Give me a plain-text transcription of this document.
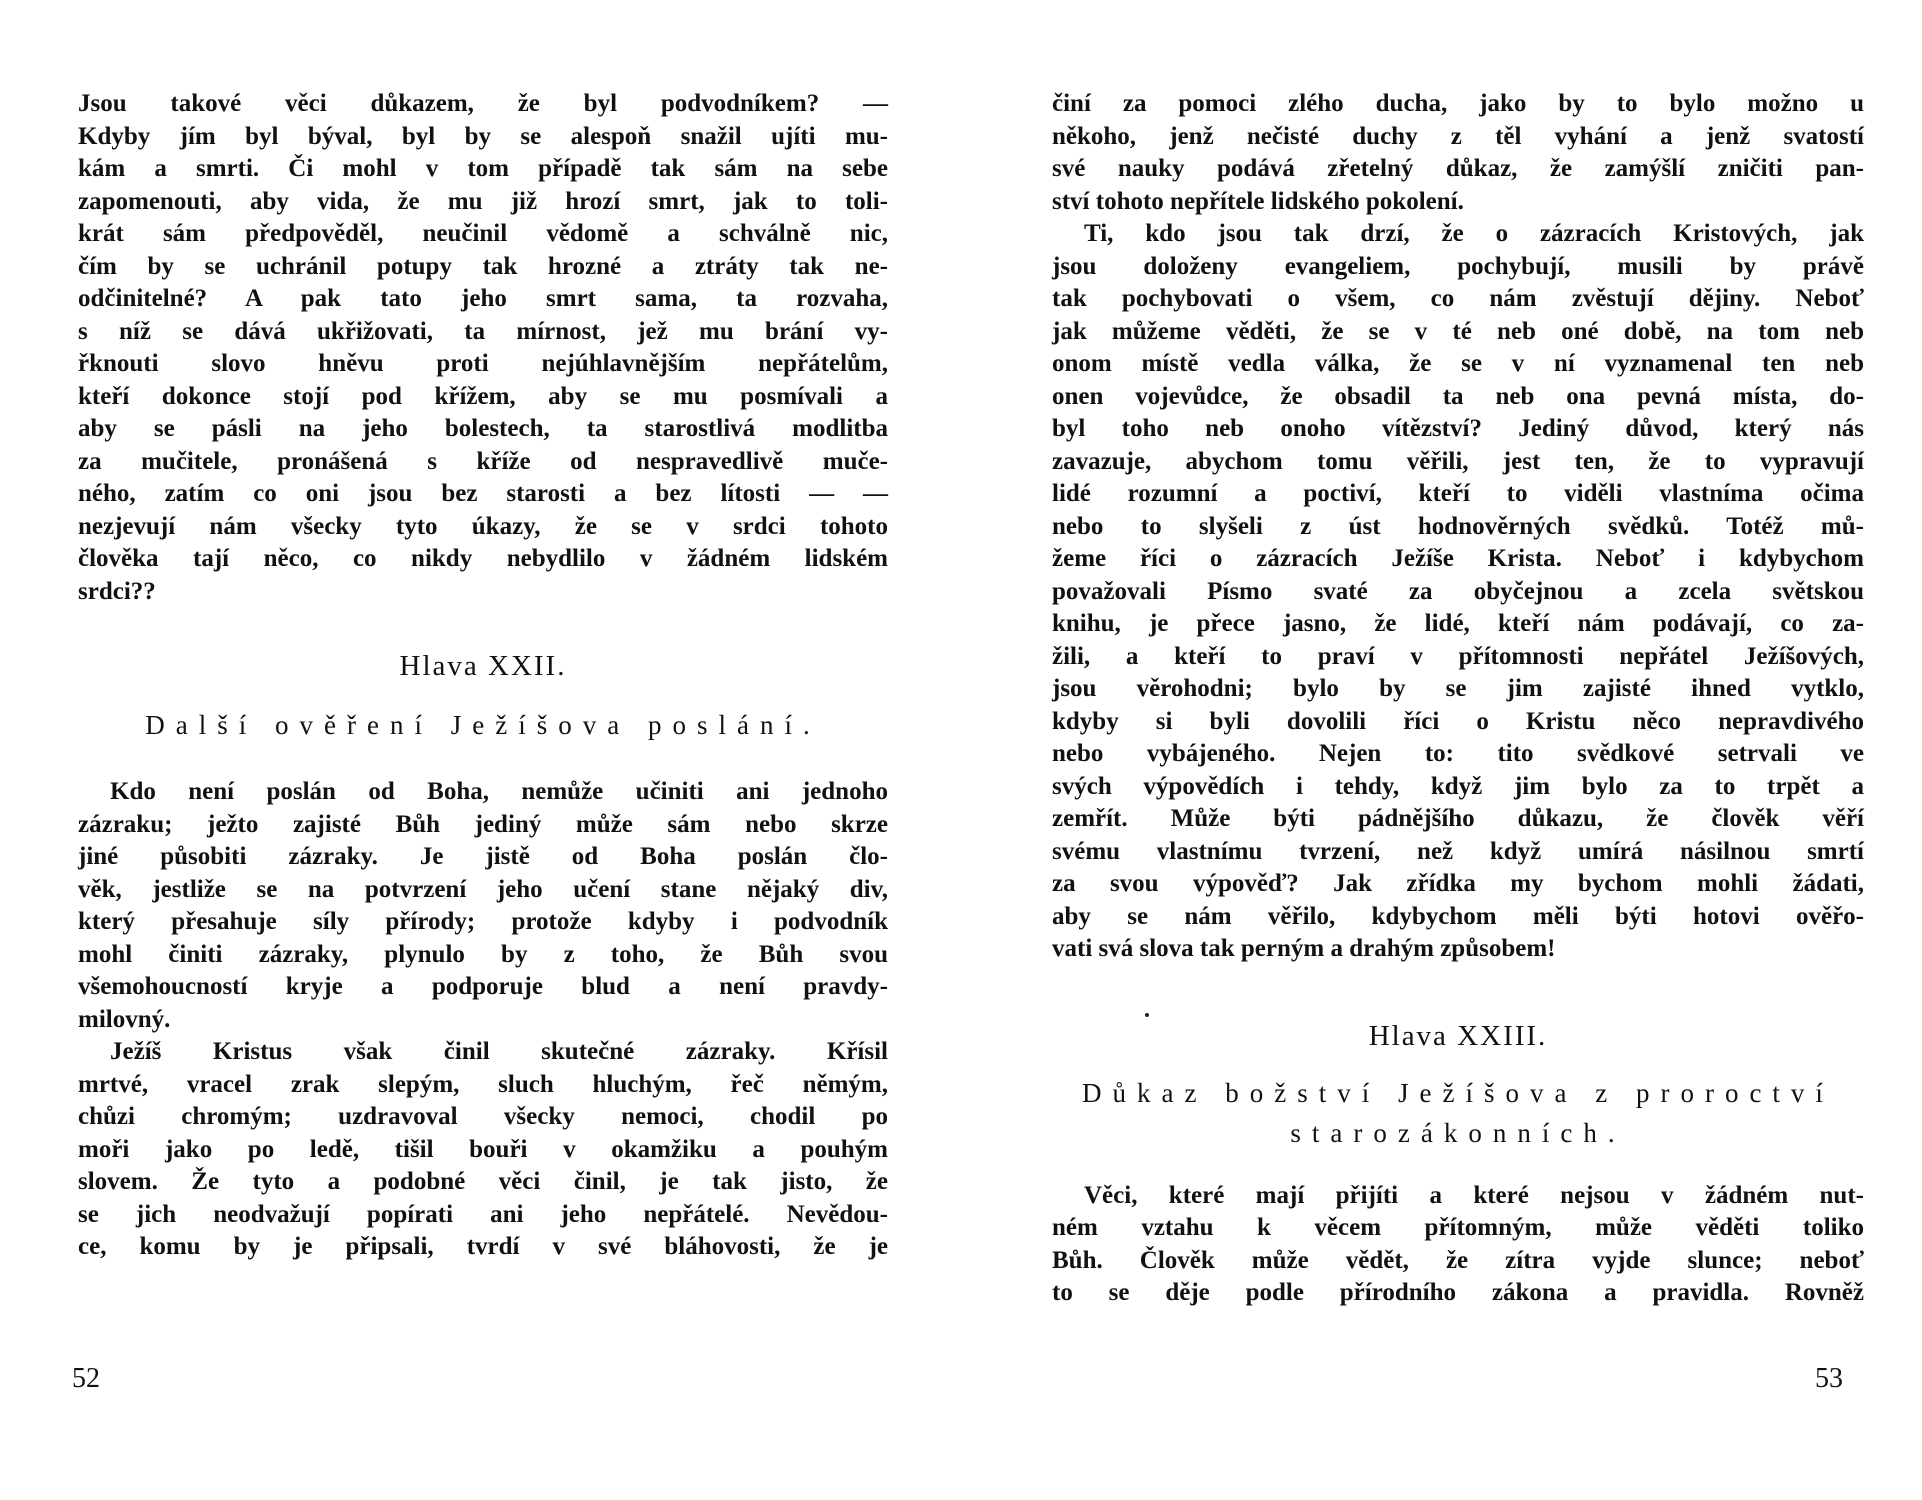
Jsou takové věci důkazem, že byl podvodníkem? —
Kdyby jím byl býval, byl by se alespoň snažil ujíti mu-
kám a smrti. Či mohl v tom případě tak sám na sebe
zapomenouti, aby vida, že mu již hrozí smrt, jak to toli-
krát sám předpověděl, neučinil vědomě a schválně nic,
čím by se uchránil potupy tak hrozné a ztráty tak ne-
odčinitelné? A pak tato jeho smrt sama, ta rozvaha,
s níž se dává ukřižovati, ta mírnost, jež mu brání vy-
řknouti slovo hněvu proti nejúhlavnějším nepřátelům,
kteří dokonce stojí pod křížem, aby se mu posmívali a
aby se pásli na jeho bolestech, ta starostlivá modlitba
za mučitele, pronášená s kříže od nespravedlivě muče-
ného, zatím co oni jsou bez starosti a bez lítosti — —
nezjevují nám všecky tyto úkazy, že se v srdci tohoto
člověka tají něco, co nikdy nebydlilo v žádném lidském
srdci??
Hlava XXII.
Další ověření Ježíšova poslání.
Kdo není poslán od Boha, nemůže učiniti ani jednoho
zázraku; ježto zajisté Bůh jediný může sám nebo skrze
jiné působiti zázraky. Je jistě od Boha poslán člo-
věk, jestliže se na potvrzení jeho učení stane nějaký div,
který přesahuje síly přírody; protože kdyby i podvodník
mohl činiti zázraky, plynulo by z toho, že Bůh svou
všemohoucností kryje a podporuje blud a není pravdy-
milovný.
Ježíš Kristus však činil skutečné zázraky. Křísil
mrtvé, vracel zrak slepým, sluch hluchým, řeč němým,
chůzi chromým; uzdravoval všecky nemoci, chodil po
moři jako po ledě, tišil bouři v okamžiku a pouhým
slovem. Že tyto a podobné věci činil, je tak jisto, že
se jich neodvažují popírati ani jeho nepřátelé. Nevědou-
ce, komu by je připsali, tvrdí v své bláhovosti, že je
52
činí za pomoci zlého ducha, jako by to bylo možno u
někoho, jenž nečisté duchy z těl vyhání a jenž svatostí
své nauky podává zřetelný důkaz, že zamýšlí zničiti pan-
ství tohoto nepřítele lidského pokolení.
Ti, kdo jsou tak drzí, že o zázracích Kristových, jak
jsou doloženy evangeliem, pochybují, musili by právě
tak pochybovati o všem, co nám zvěstují dějiny. Neboť
jak můžeme věděti, že se v té neb oné době, na tom neb
onom místě vedla válka, že se v ní vyznamenal ten neb
onen vojevůdce, že obsadil ta neb ona pevná místa, do-
byl toho neb onoho vítězství? Jediný důvod, který nás
zavazuje, abychom tomu věřili, jest ten, že to vypravují
lidé rozumní a poctiví, kteří to viděli vlastníma očima
nebo to slyšeli z úst hodnověrných svědků. Totéž mů-
žeme říci o zázracích Ježíše Krista. Neboť i kdybychom
považovali Písmo svaté za obyčejnou a zcela světskou
knihu, je přece jasno, že lidé, kteří nám podávají, co za-
žili, a kteří to praví v přítomnosti nepřátel Ježíšových,
jsou věrohodni; bylo by se jim zajisté ihned vytklo,
kdyby si byli dovolili říci o Kristu něco nepravdivého
nebo vybájeného. Nejen to: tito svědkové setrvali ve
svých výpovědích i tehdy, když jim bylo za to trpět a
zemřít. Může býti pádnějšího důkazu, že člověk věří
svému vlastnímu tvrzení, než když umírá násilnou smrtí
za svou výpověď? Jak zřídka my bychom mohli žádati,
aby se nám věřilo, kdybychom měli býti hotovi ověřo-
vati svá slova tak perným a drahým způsobem!
Hlava XXIII.
Důkaz božství Ježíšova z proroctví
starozákonních.
Věci, které mají přijíti a které nejsou v žádném nut-
ném vztahu k věcem přítomným, může věděti toliko
Bůh. Člověk může vědět, že zítra vyjde slunce; neboť
to se děje podle přírodního zákona a pravidla. Rovněž
53
